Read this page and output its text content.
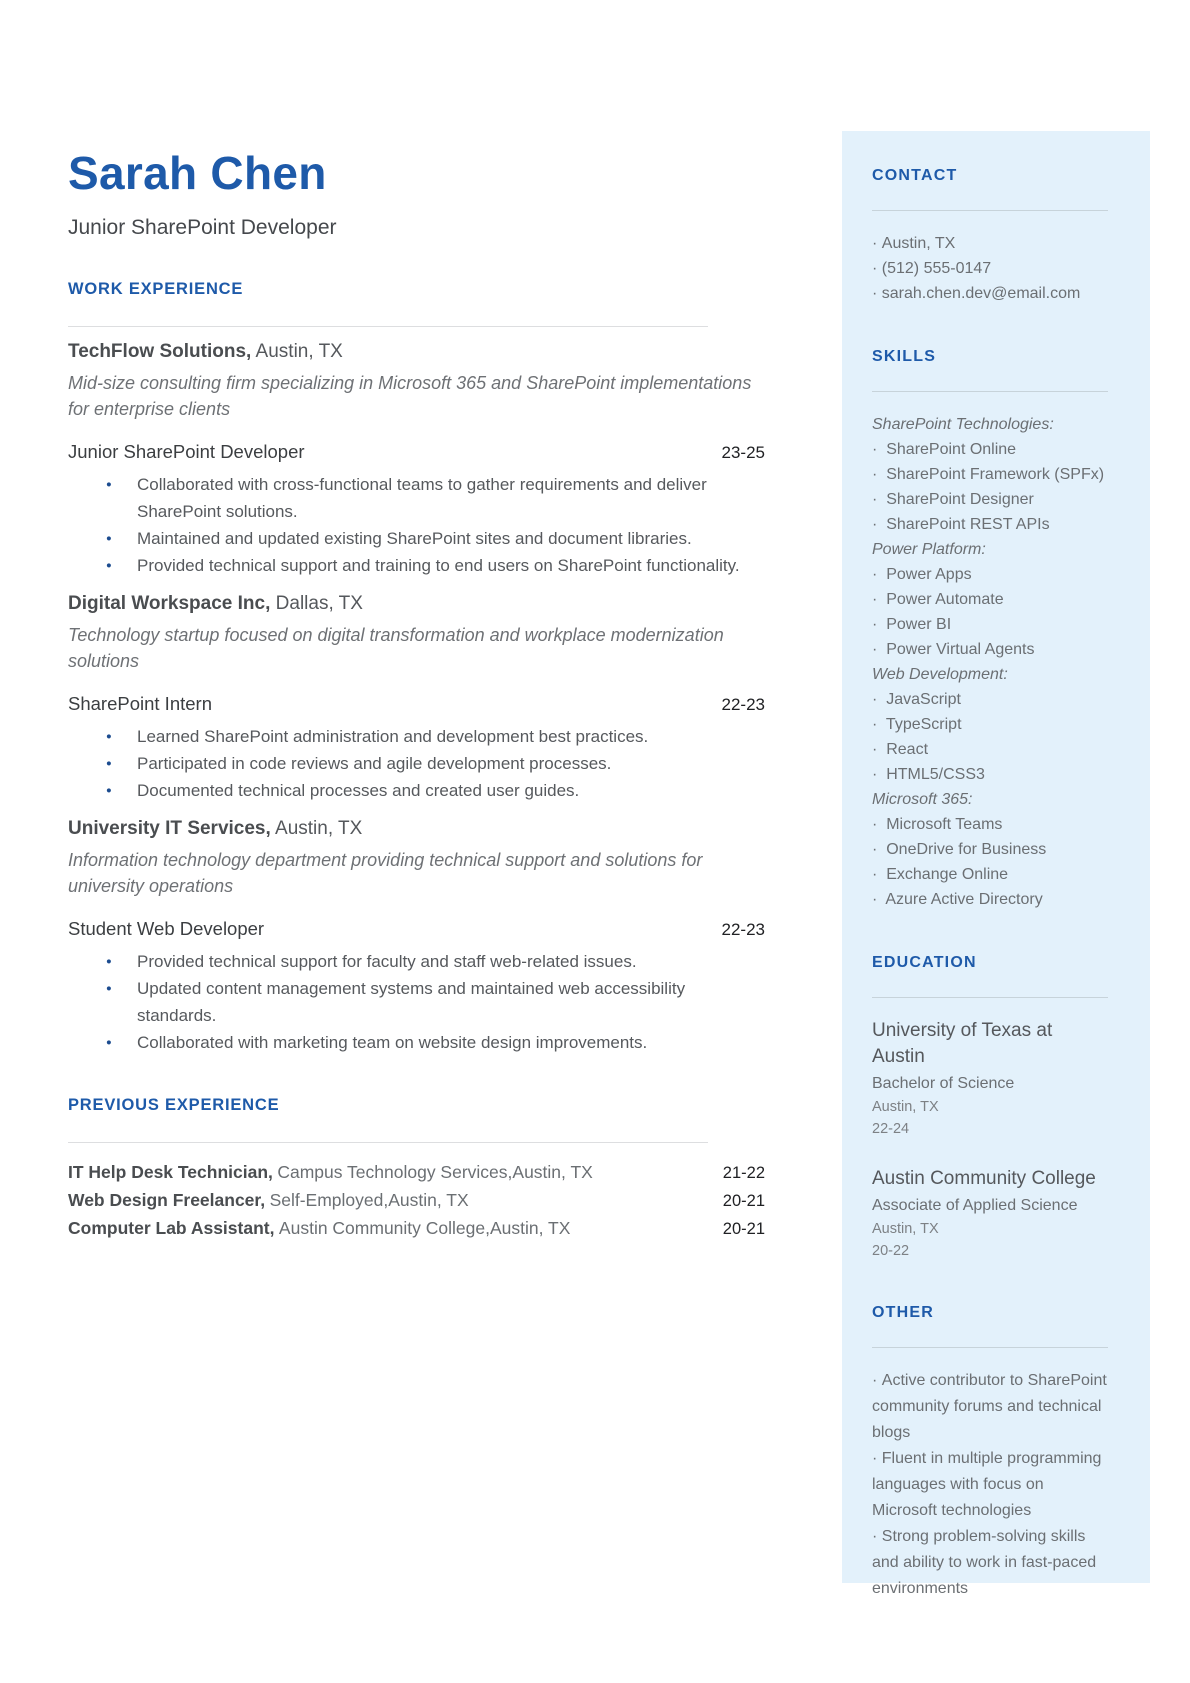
Sarah Chen
Junior SharePoint Developer
WORK EXPERIENCE
TechFlow Solutions, Austin, TX
Mid-size consulting firm specializing in Microsoft 365 and SharePoint implementations for enterprise clients
Junior SharePoint Developer	23-25
● Collaborated with cross-functional teams to gather requirements and deliver SharePoint solutions.
● Maintained and updated existing SharePoint sites and document libraries.
● Provided technical support and training to end users on SharePoint functionality.
Digital Workspace Inc, Dallas, TX
Technology startup focused on digital transformation and workplace modernization solutions
SharePoint Intern	22-23
● Learned SharePoint administration and development best practices.
● Participated in code reviews and agile development processes.
● Documented technical processes and created user guides.
University IT Services, Austin, TX
Information technology department providing technical support and solutions for university operations
Student Web Developer	22-23
● Provided technical support for faculty and staff web-related issues.
● Updated content management systems and maintained web accessibility standards.
● Collaborated with marketing team on website design improvements.
PREVIOUS EXPERIENCE
IT Help Desk Technician, Campus Technology Services,Austin, TX	21-22
Web Design Freelancer, Self-Employed,Austin, TX	20-21
Computer Lab Assistant, Austin Community College,Austin, TX	20-21
CONTACT
· Austin, TX
· (512) 555-0147
· sarah.chen.dev@email.com
SKILLS
SharePoint Technologies:
·  SharePoint Online
·  SharePoint Framework (SPFx)
·  SharePoint Designer
·  SharePoint REST APIs
Power Platform:
·  Power Apps
·  Power Automate
·  Power BI
·  Power Virtual Agents
Web Development:
·  JavaScript
·  TypeScript
·  React
·  HTML5/CSS3
Microsoft 365:
·  Microsoft Teams
·  OneDrive for Business
·  Exchange Online
·  Azure Active Directory
EDUCATION
University of Texas at Austin
Bachelor of Science
Austin, TX
22-24
Austin Community College
Associate of Applied Science
Austin, TX
20-22
OTHER
· Active contributor to SharePoint community forums and technical blogs
· Fluent in multiple programming languages with focus on Microsoft technologies
· Strong problem-solving skills and ability to work in fast-paced environments
